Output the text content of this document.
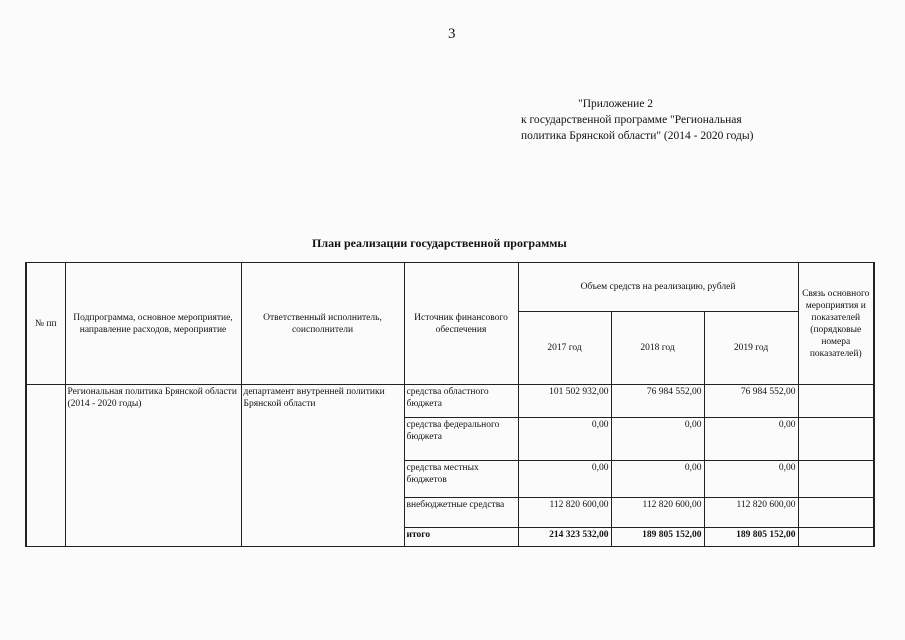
3
"Приложение 2
к государственной программе "Региональная
политика Брянской области" (2014 - 2020 годы)
План реализации государственной программы
№ пп	Подпрограмма, основное мероприятие, направление расходов, мероприятие	Ответственный исполнитель, соисполнители	Источник финансового обеспечения	Объем средств на реализацию, рублей			Связь основного мероприятия и показателей (порядковые номера показателей)
				2017 год	2018 год	2019 год	
	Региональная политика Брянской области (2014 - 2020 годы)	департамент внутренней политики Брянской области	средства областного бюджета	101 502 932,00	76 984 552,00	76 984 552,00	
			средства федерального бюджета	0,00	0,00	0,00	
			средства местных бюджетов	0,00	0,00	0,00	
			внебюджетные средства	112 820 600,00	112 820 600,00	112 820 600,00	
			итого	214 323 532,00	189 805 152,00	189 805 152,00	
